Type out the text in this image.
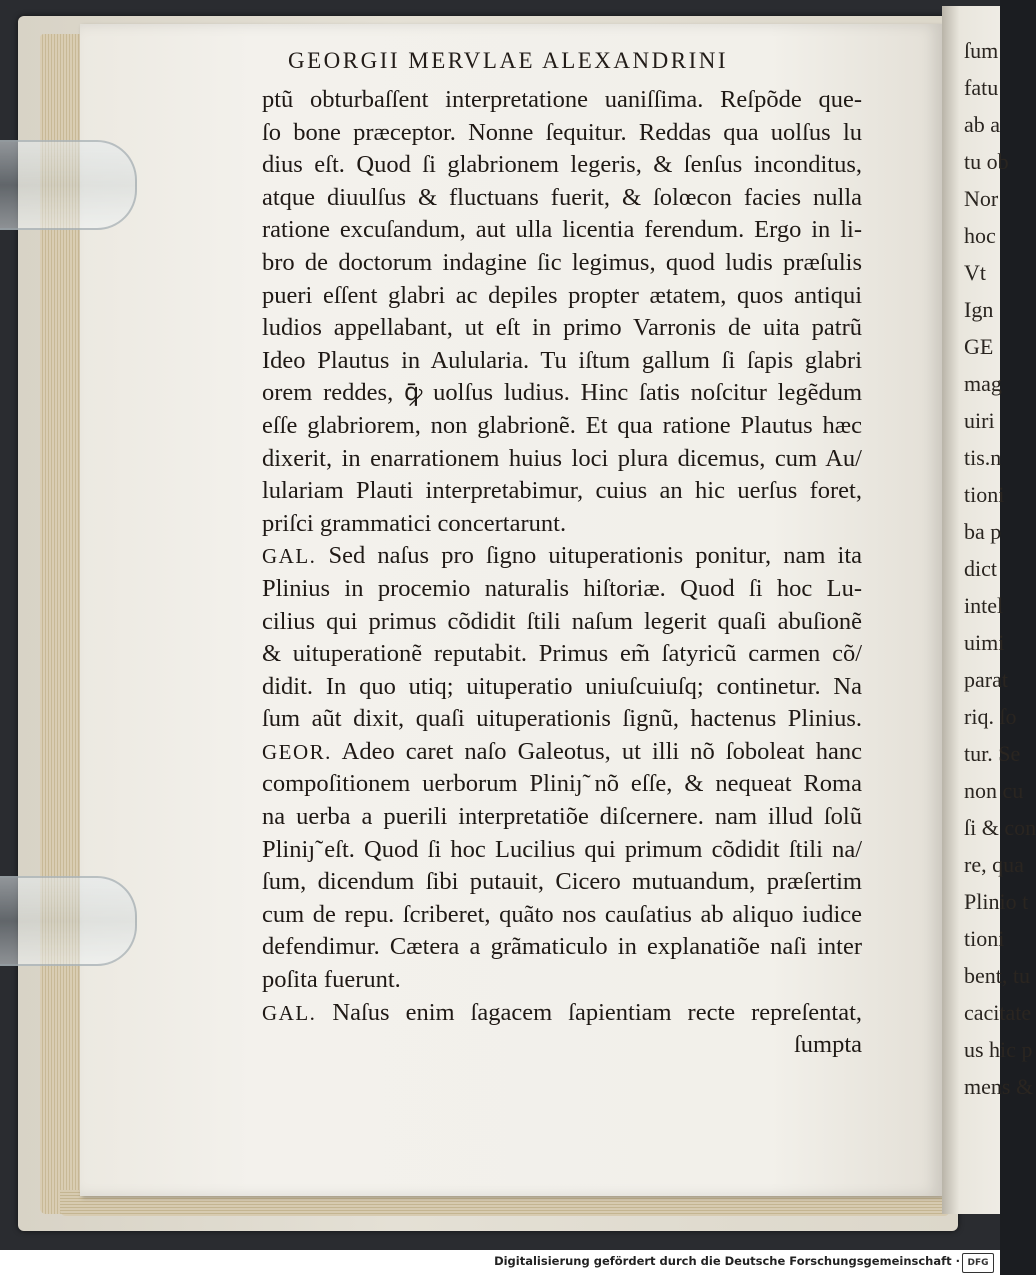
ſum
fatu
ab a
tu ob
Nor
hoc
Vt
Ign
GE
mag
uiri
tis.n
tioni
ba p
dict
intel
uimi
parat
riq. ſo
tur. Se
non cu
ſi & con
re, qua
Plinio t
tioni
bent, tu
cacitate
us hic p
mens &
GEORGII MERVLAE ALEXANDRINI
ptũ obturbaſſent interpretatione uaniſſima. Reſpõde que-
ſo bone præceptor. Nonne ſequitur. Reddas qua uolſus lu
dius eſt. Quod ſi glabrionem legeris, & ſenſus inconditus,
atque diuulſus & fluctuans fuerit, & ſolœcon facies nulla
ratione excuſandum, aut ulla licentia ferendum. Ergo in li-
bro de doctorum indagine ſic legimus, quod ludis præſulis
pueri eſſent glabri ac depiles propter ætatem, quos antiqui
ludios appellabant, ut eſt in primo Varronis de uita patrũ
Ideo Plautus in Aulularia. Tu iſtum gallum ſi ſapis glabri
orem reddes, ꝙ̄ uolſus ludius. Hinc ſatis noſcitur legẽdum
eſſe glabriorem, non glabrionẽ. Et qua ratione Plautus hæc
dixerit, in enarrationem huius loci plura dicemus, cum Au/
lulariam Plauti interpretabimur, cuius an hic uerſus foret,
priſci grammatici concertarunt.
GAL. Sed naſus pro ſigno uituperationis ponitur, nam ita
Plinius in procemio naturalis hiſtoriæ. Quod ſi hoc Lu-
cilius qui primus cõdidit ſtili naſum legerit quaſi abuſionẽ
& uituperationẽ reputabit. Primus em̃ ſatyricũ carmen cõ/
didit. In quo utiq; uituperatio uniuſcuiuſq; continetur. Na
ſum aũt dixit, quaſi uituperationis ſignũ, hactenus Plinius.
GEOR. Adeo caret naſo Galeotus, ut illi nõ ſoboleat hanc
compoſitionem uerborum Pliniȷ̃ nõ eſſe, & nequeat Roma
na uerba a puerili interpretatiõe diſcernere. nam illud ſolũ
Pliniȷ̃ eſt. Quod ſi hoc Lucilius qui primum cõdidit ſtili na/
ſum, dicendum ſibi putauit, Cicero mutuandum, præſertim
cum de repu. ſcriberet, quãto nos cauſatius ab aliquo iudice
defendimur. Cætera a grãmaticulo in explanatiõe naſi inter
poſita fuerunt.
GAL. Naſus enim ſagacem ſapientiam recte repreſentat,
ſumpta
Digitalisierung gefördert durch die Deutsche Forschungsgemeinschaft · DFG
